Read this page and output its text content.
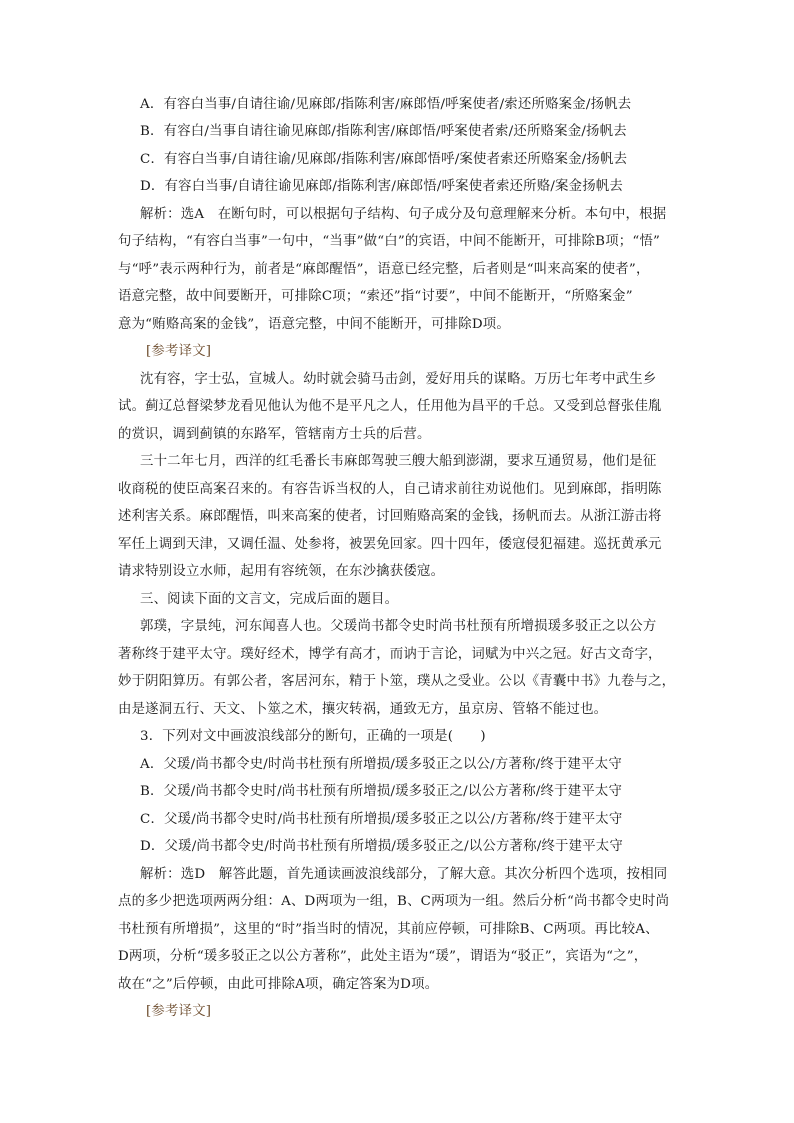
A．有容白当事/自请往谕/见麻郎/指陈利害/麻郎悟/呼案使者/索还所赂案金/扬帆去
B．有容白/当事自请往谕见麻郎/指陈利害/麻郎悟/呼案使者索/还所赂案金/扬帆去
C．有容白当事/自请往谕/见麻郎/指陈利害/麻郎悟呼/案使者索还所赂案金/扬帆去
D．有容白当事/自请往谕见麻郎/指陈利害/麻郎悟/呼案使者索还所赂/案金扬帆去
解析：选A　在断句时，可以根据句子结构、句子成分及句意理解来分析。本句中，根据
句子结构，“有容白当事”一句中，“当事”做“白”的宾语，中间不能断开，可排除B项；“悟”
与“呼”表示两种行为，前者是“麻郎醒悟”，语意已经完整，后者则是“叫来高案的使者”，
语意完整，故中间要断开，可排除C项；“索还”指“讨要”，中间不能断开，“所赂案金”
意为“贿赂高案的金钱”，语意完整，中间不能断开，可排除D项。
[参考译文]
沈有容，字士弘，宣城人。幼时就会骑马击剑，爱好用兵的谋略。万历七年考中武生乡
试。蓟辽总督梁梦龙看见他认为他不是平凡之人，任用他为昌平的千总。又受到总督张佳胤
的赏识，调到蓟镇的东路军，管辖南方士兵的后营。
三十二年七月，西洋的红毛番长韦麻郎驾驶三艘大船到澎湖，要求互通贸易，他们是征
收商税的使臣高案召来的。有容告诉当权的人，自己请求前往劝说他们。见到麻郎，指明陈
述利害关系。麻郎醒悟，叫来高案的使者，讨回贿赂高案的金钱，扬帆而去。从浙江游击将
军任上调到天津，又调任温、处参将，被罢免回家。四十四年，倭寇侵犯福建。巡抚黄承元
请求特别设立水师，起用有容统领，在东沙擒获倭寇。
三、阅读下面的文言文，完成后面的题目。
郭璞，字景纯，河东闻喜人也。父瑗尚书都令史时尚书杜预有所增损瑗多驳正之以公方
著称终于建平太守。璞好经术，博学有高才，而讷于言论，词赋为中兴之冠。好古文奇字，
妙于阴阳算历。有郭公者，客居河东，精于卜筮，璞从之受业。公以《青囊中书》九卷与之，
由是遂洞五行、天文、卜筮之术，攘灾转祸，通致无方，虽京房、管辂不能过也。
3．下列对文中画波浪线部分的断句，正确的一项是(　　)
A．父瑗/尚书都令史/时尚书杜预有所增损/瑗多驳正之以公/方著称/终于建平太守
B．父瑗/尚书都令史时/尚书杜预有所增损/瑗多驳正之/以公方著称/终于建平太守
C．父瑗/尚书都令史时/尚书杜预有所增损/瑗多驳正之以公/方著称/终于建平太守
D．父瑗/尚书都令史/时尚书杜预有所增损/瑗多驳正之/以公方著称/终于建平太守
解析：选D　解答此题，首先通读画波浪线部分，了解大意。其次分析四个选项，按相同
点的多少把选项两两分组：A、D两项为一组，B、C两项为一组。然后分析“尚书都令史时尚
书杜预有所增损”，这里的“时”指当时的情况，其前应停顿，可排除B、C两项。再比较A、
D两项，分析“瑗多驳正之以公方著称”，此处主语为“瑗”，谓语为“驳正”，宾语为“之”，
故在“之”后停顿，由此可排除A项，确定答案为D项。
[参考译文]
